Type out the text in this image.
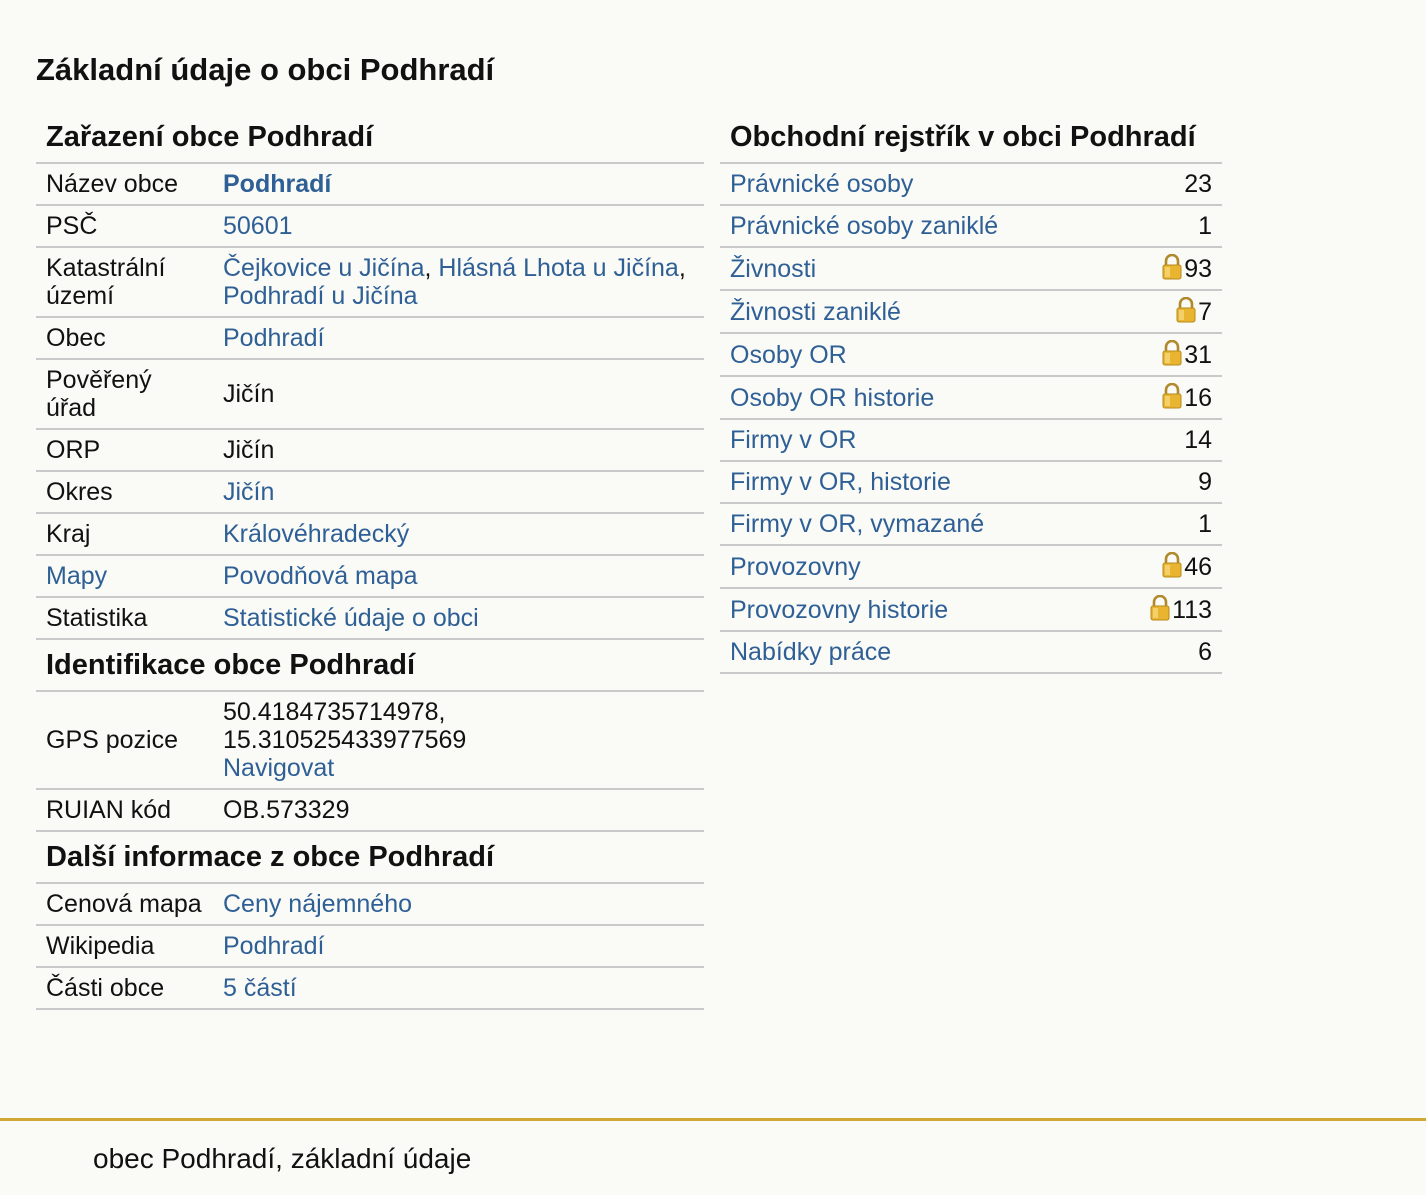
Základní údaje o obci Podhradí
Zařazení obce Podhradí
Název obce	Podhradí
PSČ	50601
Katastrální území	Čejkovice u Jičína, Hlásná Lhota u Jičína, Podhradí u Jičína
Obec	Podhradí
Pověřený úřad	Jičín
ORP	Jičín
Okres	Jičín
Kraj	Královéhradecký
Mapy	Povodňová mapa
Statistika	Statistické údaje o obci
Identifikace obce Podhradí
GPS pozice	50.4184735714978,
15.310525433977569
Navigovat
RUIAN kód	OB.573329
Další informace z obce Podhradí
Cenová mapa	Ceny nájemného
Wikipedia	Podhradí
Části obce	5 částí
Obchodní rejstřík v obci Podhradí
Právnické osoby	23
Právnické osoby zaniklé	1
Živnosti	93
Živnosti zaniklé	7
Osoby OR	31
Osoby OR historie	16
Firmy v OR	14
Firmy v OR, historie	9
Firmy v OR, vymazané	1
Provozovny	46
Provozovny historie	113
Nabídky práce	6
obec Podhradí, základní údaje
